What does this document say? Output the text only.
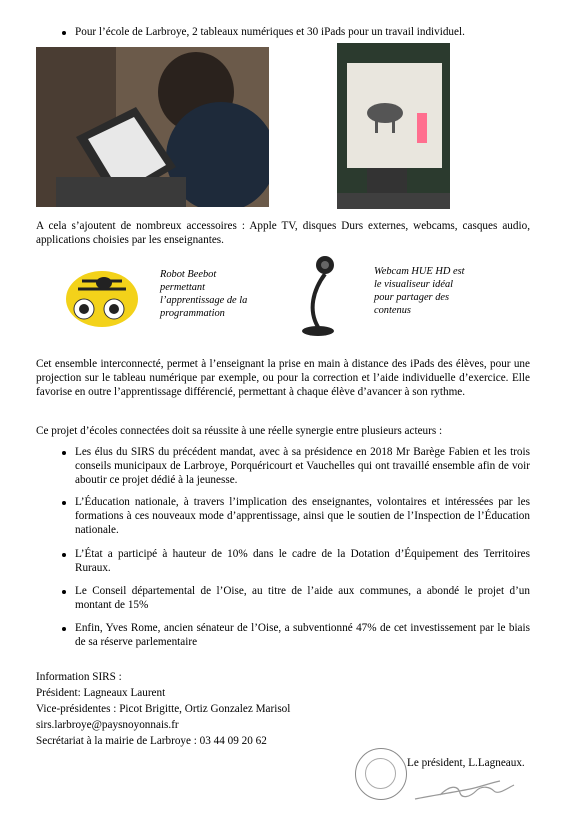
Pour l’école de Larbroye, 2 tableaux numériques et 30 iPads pour un travail individuel.
A cela s’ajoutent de nombreux accessoires : Apple TV, disques Durs externes, webcams, casques audio, applications choisies par les enseignantes.
Robot Beebot
permettant
l’apprentissage de la
programmation
Webcam HUE HD est
le visualiseur idéal
pour partager des
contenus
Cet ensemble interconnecté, permet à l’enseignant la prise en main à distance des iPads des élèves, pour une projection sur le tableau numérique par exemple, ou pour la correction et l’aide individuelle d’exercice. Elle favorise en outre l’apprentissage différencié, permettant à chaque élève d’avancer à son rythme.
Ce projet d’écoles connectées doit sa réussite à une réelle synergie entre plusieurs acteurs :
Les élus du SIRS du précédent mandat, avec à sa présidence en 2018 Mr Barège Fabien et les trois conseils municipaux de Larbroye, Porquéricourt et Vauchelles qui ont travaillé ensemble afin de voir aboutir ce projet dédié à la jeunesse.
L’Éducation nationale, à travers l’implication des enseignantes, volontaires et intéressées par les formations à ces nouveaux mode d’apprentissage, ainsi que le soutien de l’Inspection de l’Éducation nationale.
L’État a participé à hauteur de 10% dans le cadre de la Dotation d’Équipement des Territoires Ruraux.
Le Conseil départemental de l’Oise, au titre de l’aide aux communes, a abondé le projet d’un montant de 15%
Enfin, Yves Rome, ancien sénateur de l’Oise, a subventionné 47% de cet investissement par le biais de sa réserve parlementaire
Information SIRS :
Président: Lagneaux Laurent
Vice-présidentes : Picot Brigitte, Ortiz Gonzalez Marisol
sirs.larbroye@paysnoyonnais.fr
Secrétariat à la mairie de Larbroye : 03 44 09 20 62
Le président, L.Lagneaux.
